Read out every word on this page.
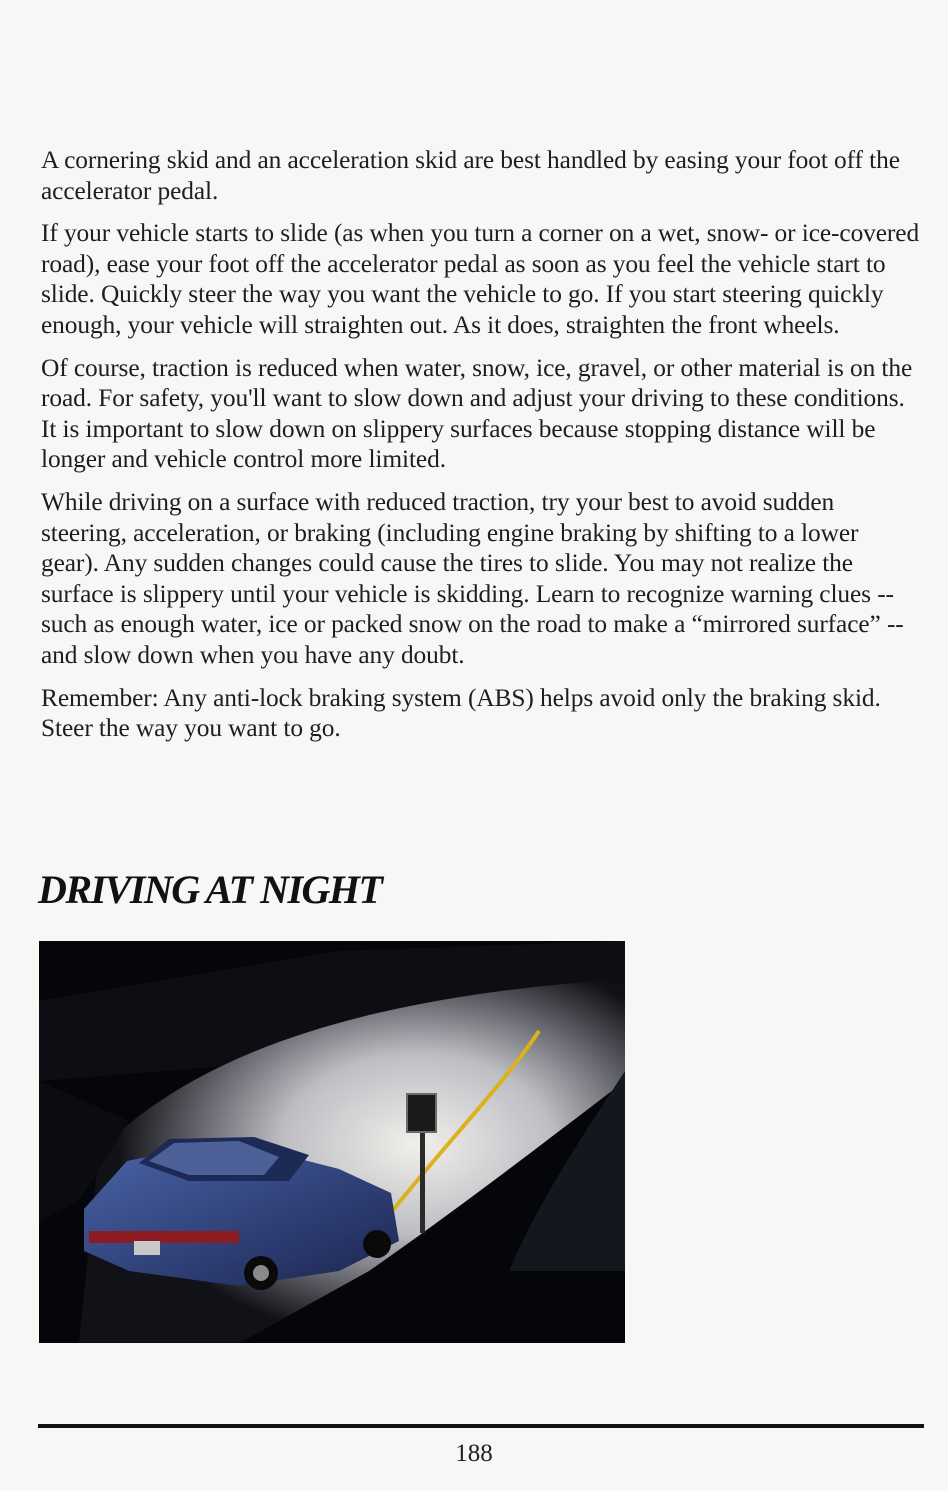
A cornering skid and an acceleration skid are best handled by easing your foot off the accelerator pedal.

If your vehicle starts to slide (as when you turn a corner on a wet, snow- or ice-covered road), ease your foot off the accelerator pedal as soon as you feel the vehicle start to slide. Quickly steer the way you want the vehicle to go. If you start steering quickly enough, your vehicle will straighten out. As it does, straighten the front wheels.

Of course, traction is reduced when water, snow, ice, gravel, or other material is on the road. For safety, you'll want to slow down and adjust your driving to these conditions. It is important to slow down on slippery surfaces because stopping distance will be longer and vehicle control more limited.

While driving on a surface with reduced traction, try your best to avoid sudden steering, acceleration, or braking (including engine braking by shifting to a lower gear). Any sudden changes could cause the tires to slide. You may not realize the surface is slippery until your vehicle is skidding. Learn to recognize warning clues -- such as enough water, ice or packed snow on the road to make a “mirrored surface” -- and slow down when you have any doubt.

Remember: Any anti-lock braking system (ABS) helps avoid only the braking skid. Steer the way you want to go.

DRIVING AT NIGHT
188
